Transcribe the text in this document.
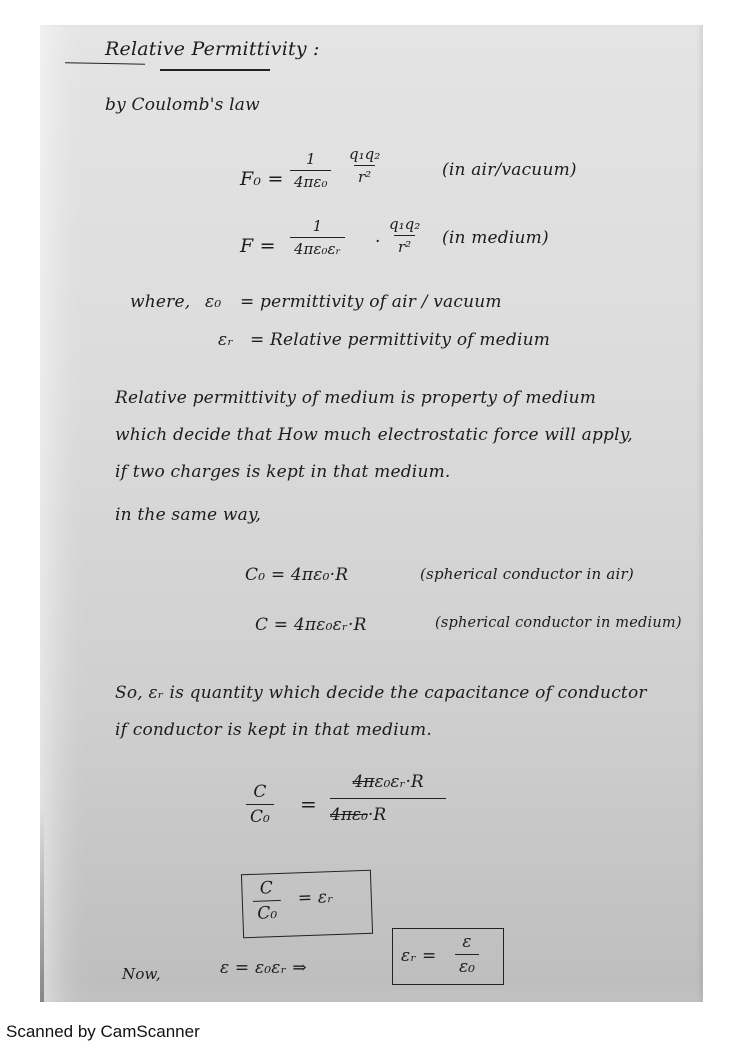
Relative Permittivity :
by Coulomb's law
$F_0 = \frac{1}{\text{4πε₀}} \frac{\text{q₁q₂}}{\text{r²}}$	(in air/vacuum)
$F = \frac{1}{\text{4πε₀εᵣ}} \cdot \frac{\text{q₁q₂}}{\text{r²}} (in$ medium)
where, ε₀ = permittivity of air / vacuum
εᵣ = Relative permittivity of medium
Relative permittivity of medium is property of medium
which decide that How much electrostatic force will apply,
if two charges is kept in that medium.
in the same way,
C₀ = 4πε₀·R	(spherical conductor in air)
C = 4πε₀εᵣ·R	(spherical conductor in medium)
So, εᵣ is quantity which decide the capacitance of conductor
if conductor is kept in that medium.
$\frac{C}{\text{C₀}} = \frac{\text{4πε₀εᵣ·R}}{\text{4πε₀·R}}$
$\frac{C}{\text{C₀}}$ = εᵣ
Now,	ε = ε₀εᵣ ⇒
εᵣ = $\frac{\varepsilon}{\text{ε₀}}$
Scanned by CamScanner
